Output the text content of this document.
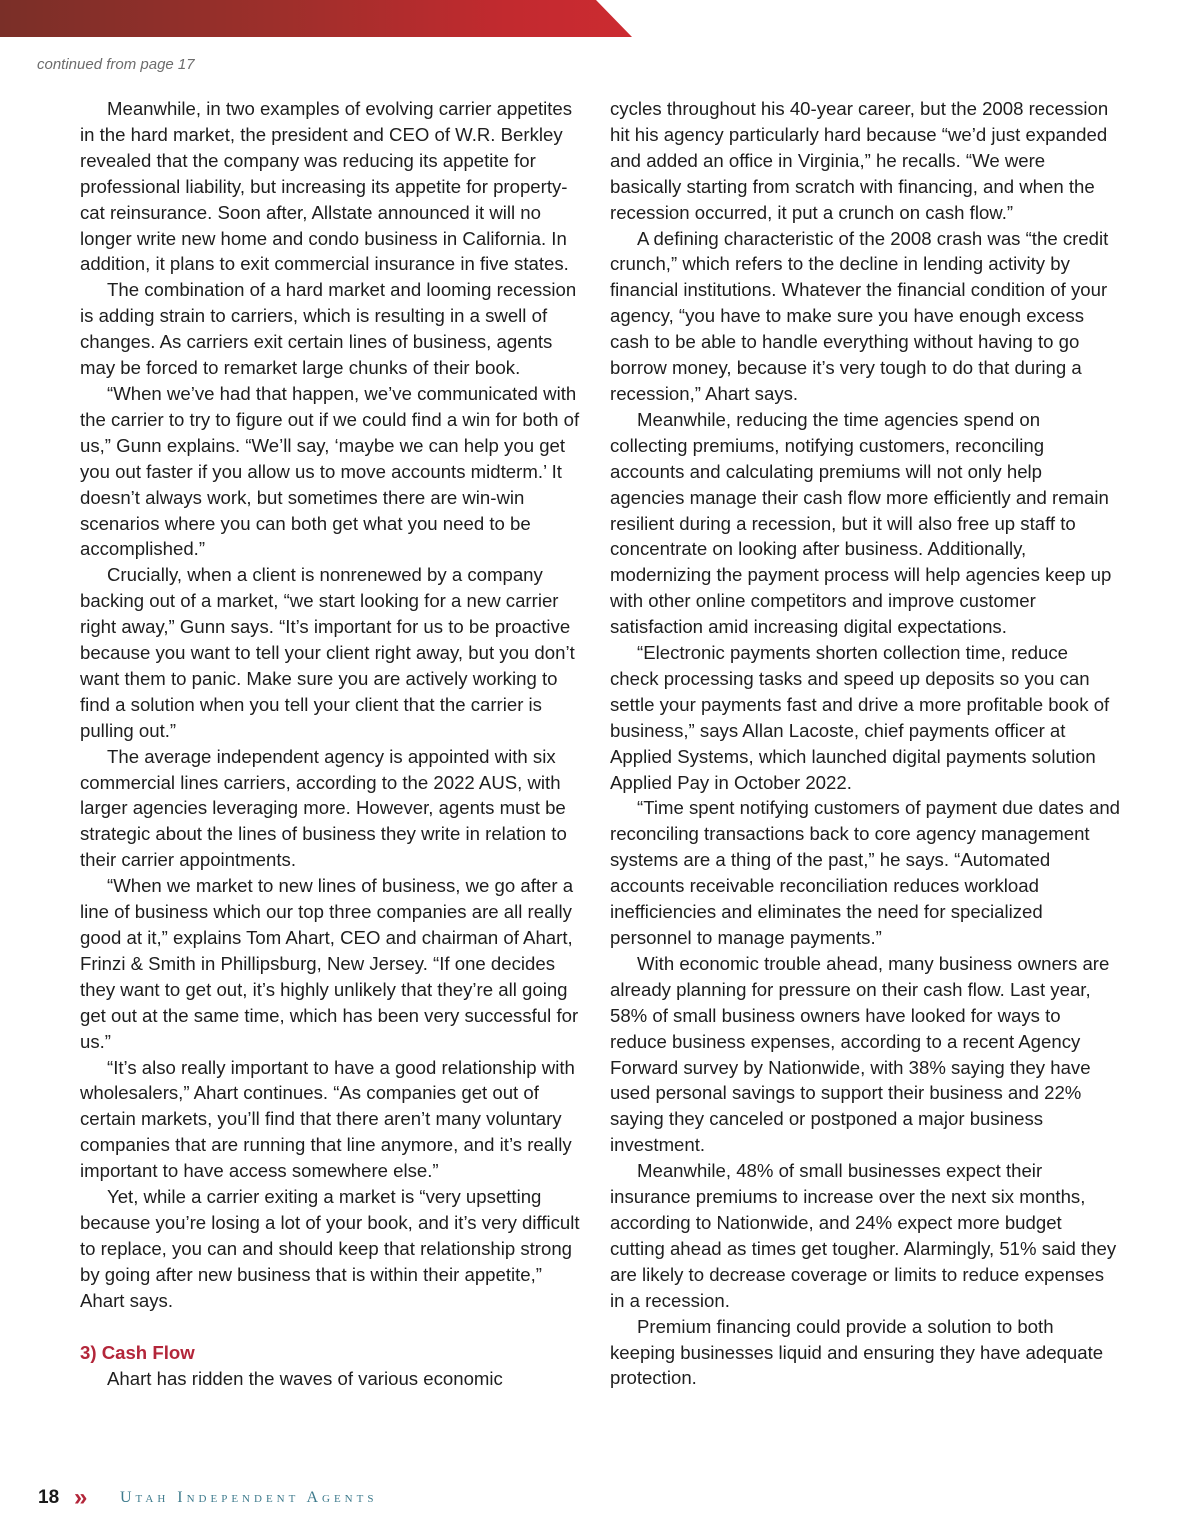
continued from page 17

Meanwhile, in two examples of evolving carrier appetites in the hard market, the president and CEO of W.R. Berkley revealed that the company was reducing its appetite for professional liability, but increasing its appetite for property-cat reinsurance. Soon after, Allstate announced it will no longer write new home and condo business in California. In addition, it plans to exit commercial insurance in five states.

The combination of a hard market and looming recession is adding strain to carriers, which is resulting in a swell of changes. As carriers exit certain lines of business, agents may be forced to remarket large chunks of their book.

“When we’ve had that happen, we’ve communicated with the carrier to try to figure out if we could find a win for both of us,” Gunn explains. “We’ll say, ‘maybe we can help you get you out faster if you allow us to move accounts midterm.’ It doesn’t always work, but sometimes there are win-win scenarios where you can both get what you need to be accomplished.”

Crucially, when a client is nonrenewed by a company backing out of a market, “we start looking for a new carrier right away,” Gunn says. “It’s important for us to be proactive because you want to tell your client right away, but you don’t want them to panic. Make sure you are actively working to find a solution when you tell your client that the carrier is pulling out.”

The average independent agency is appointed with six commercial lines carriers, according to the 2022 AUS, with larger agencies leveraging more. However, agents must be strategic about the lines of business they write in relation to their carrier appointments.

“When we market to new lines of business, we go after a line of business which our top three companies are all really good at it,” explains Tom Ahart, CEO and chairman of Ahart, Frinzi & Smith in Phillipsburg, New Jersey. “If one decides they want to get out, it’s highly unlikely that they’re all going get out at the same time, which has been very successful for us.”

“It’s also really important to have a good relationship with wholesalers,” Ahart continues. “As companies get out of certain markets, you’ll find that there aren’t many voluntary companies that are running that line anymore, and it’s really important to have access somewhere else.”

Yet, while a carrier exiting a market is “very upsetting because you’re losing a lot of your book, and it’s very difficult to replace, you can and should keep that relationship strong by going after new business that is within their appetite,” Ahart says.

3) Cash Flow

Ahart has ridden the waves of various economic

cycles throughout his 40-year career, but the 2008 recession hit his agency particularly hard because “we’d just expanded and added an office in Virginia,” he recalls. “We were basically starting from scratch with financing, and when the recession occurred, it put a crunch on cash flow.”

A defining characteristic of the 2008 crash was “the credit crunch,” which refers to the decline in lending activity by financial institutions. Whatever the financial condition of your agency, “you have to make sure you have enough excess cash to be able to handle everything without having to go borrow money, because it’s very tough to do that during a recession,” Ahart says.

Meanwhile, reducing the time agencies spend on collecting premiums, notifying customers, reconciling accounts and calculating premiums will not only help agencies manage their cash flow more efficiently and remain resilient during a recession, but it will also free up staff to concentrate on looking after business. Additionally, modernizing the payment process will help agencies keep up with other online competitors and improve customer satisfaction amid increasing digital expectations.

“Electronic payments shorten collection time, reduce check processing tasks and speed up deposits so you can settle your payments fast and drive a more profitable book of business,” says Allan Lacoste, chief payments officer at Applied Systems, which launched digital payments solution Applied Pay in October 2022.

“Time spent notifying customers of payment due dates and reconciling transactions back to core agency management systems are a thing of the past,” he says. “Automated accounts receivable reconciliation reduces workload inefficiencies and eliminates the need for specialized personnel to manage payments.”

With economic trouble ahead, many business owners are already planning for pressure on their cash flow. Last year, 58% of small business owners have looked for ways to reduce business expenses, according to a recent Agency Forward survey by Nationwide, with 38% saying they have used personal savings to support their business and 22% saying they canceled or postponed a major business investment.

Meanwhile, 48% of small businesses expect their insurance premiums to increase over the next six months, according to Nationwide, and 24% expect more budget cutting ahead as times get tougher. Alarmingly, 51% said they are likely to decrease coverage or limits to reduce expenses in a recession.

Premium financing could provide a solution to both keeping businesses liquid and ensuring they have adequate protection.

18 » Utah Independent Agents
